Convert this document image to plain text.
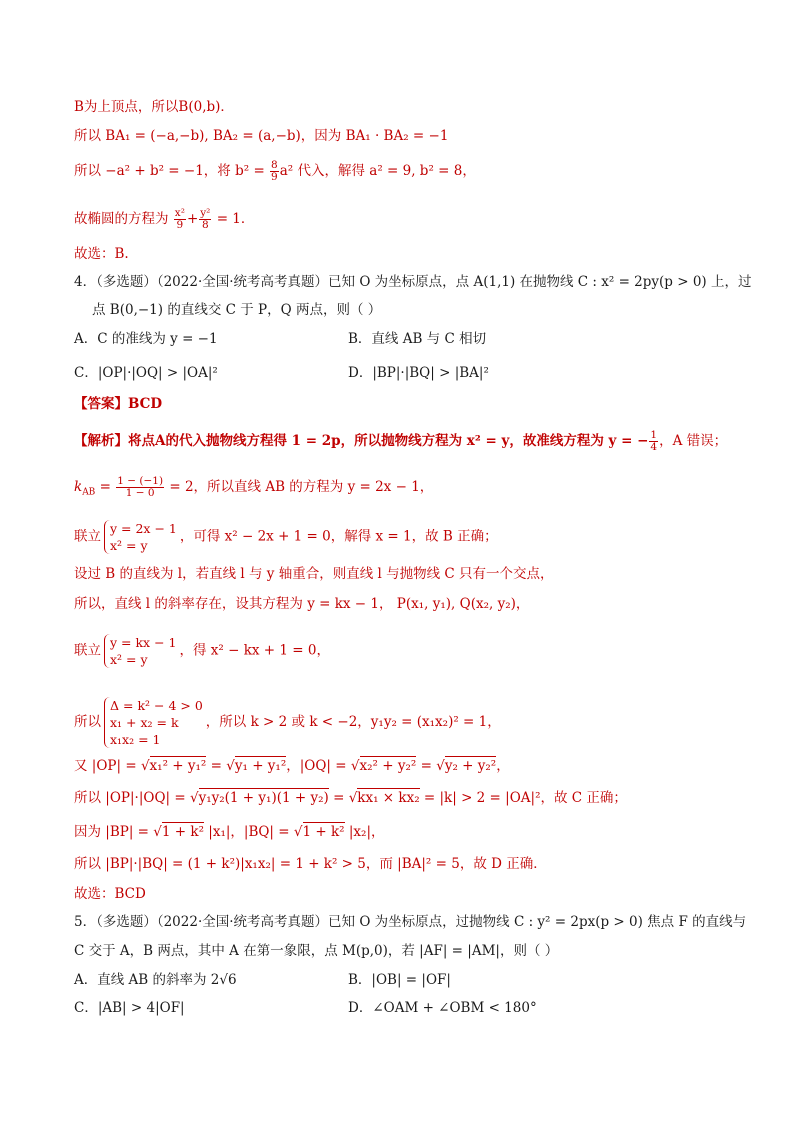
B为上顶点，所以B(0,b)．
所以 BA₁ = (−a,−b), BA₂ = (a,−b)，因为 BA₁ · BA₂ = −1
所以 −a² + b² = −1，将 $b^2 = \frac{8}{9} a^2$ 代入，解得 a² = 9, b² = 8，
故椭圆的方程为 $\frac{\text{x²}}{9} + \frac{\text{y²}}{8} = 1$．
故选：B.
4．（多选题）（2022·全国·统考高考真题）已知 O 为坐标原点，点 A(1,1) 在抛物线 C : x² = 2py(p > 0) 上，过
点 B(0,−1) 的直线交 C 于 P，Q 两点，则（ ）
A．C 的准线为 y = −1	B．直线 AB 与 C 相切
C．|OP|·|OQ| > |OA|²	D．|BP|·|BQ| > |BA|²
【答案】BCD
【解析】将点A的代入抛物线方程得 1 = 2p，所以抛物线方程为 x² = y，故准线方程为 y = − $\frac{1}{4}$ ，A 错误；
$k_{AB} = \frac{1 - (-1)}{1 - 0} = 2$，所以直线 AB 的方程为 y = 2x − 1，
联立 y = 2x − 1
x² = y
，可得 x² − 2x + 1 = 0，解得 x = 1，故 B 正确；
设过 B 的直线为 l，若直线 l 与 y 轴重合，则直线 l 与抛物线 C 只有一个交点，
所以，直线 l 的斜率存在，设其方程为 y = kx − 1， P(x₁, y₁), Q(x₂, y₂)，
联立 y = kx − 1
x² = y
，得 x² − kx + 1 = 0，
所以
Δ = k² − 4 > 0
x₁ + x₂ = k
x₁x₂ = 1
，所以 k > 2 或 k < −2，y₁y₂ = (x₁x₂)² = 1，
又 |OP| = √x₁² + y₁² = √y₁ + y₁²，|OQ| = √x₂² + y₂² = √y₂ + y₂²，
所以 |OP|·|OQ| = √y₁y₂(1 + y₁)(1 + y₂) = √kx₁ × kx₂ = |k| > 2 = |OA|²，故 C 正确；
因为 |BP| = √1 + k² |x₁|，|BQ| = √1 + k² |x₂|，
所以 |BP|·|BQ| = (1 + k²)|x₁x₂| = 1 + k² > 5，而 |BA|² = 5，故 D 正确．
故选：BCD
5．（多选题）（2022·全国·统考高考真题）已知 O 为坐标原点，过抛物线 C : y² = 2px(p > 0) 焦点 F 的直线与
C 交于 A，B 两点，其中 A 在第一象限，点 M(p,0)，若 |AF| = |AM|，则（ ）
A．直线 AB 的斜率为 2√6	B．|OB| = |OF|
C．|AB| > 4|OF|	D．∠OAM + ∠OBM < 180°
